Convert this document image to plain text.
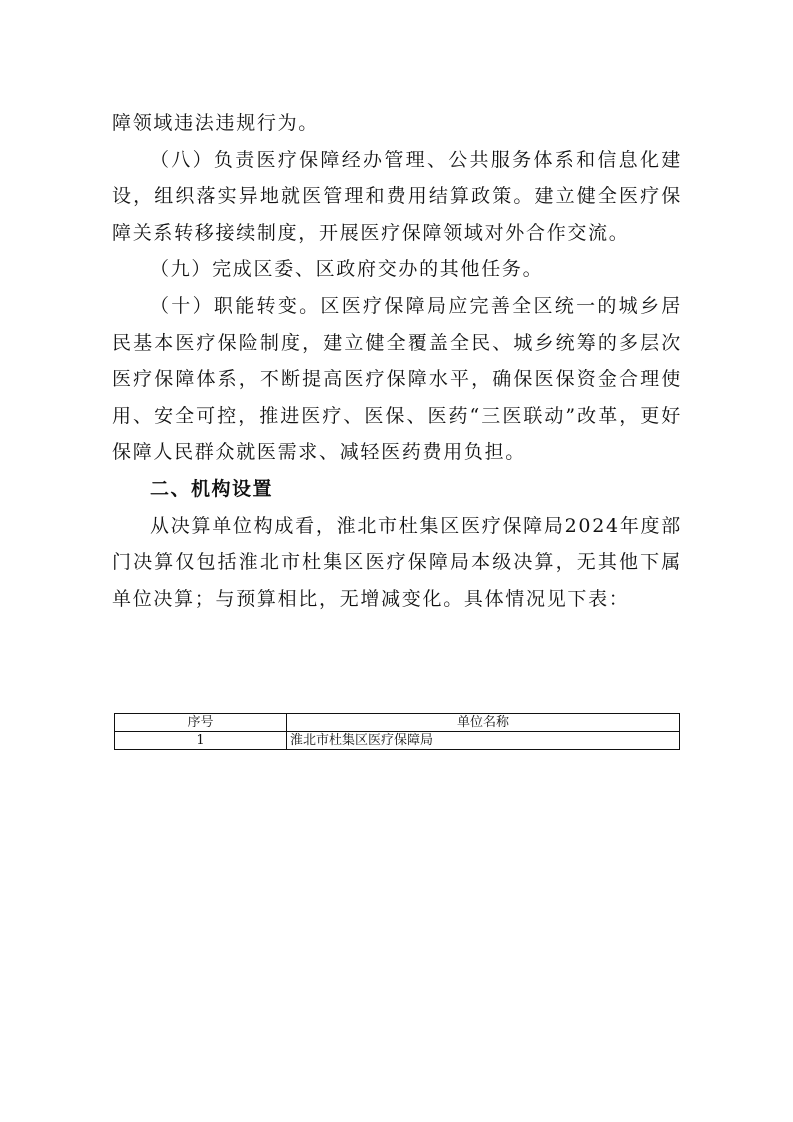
障领域违法违规行为。

（八）负责医疗保障经办管理、公共服务体系和信息化建设，组织落实异地就医管理和费用结算政策。建立健全医疗保障关系转移接续制度，开展医疗保障领域对外合作交流。

（九）完成区委、区政府交办的其他任务。

（十）职能转变。区医疗保障局应完善全区统一的城乡居民基本医疗保险制度，建立健全覆盖全民、城乡统筹的多层次医疗保障体系，不断提高医疗保障水平，确保医保资金合理使用、安全可控，推进医疗、医保、医药“三医联动”改革，更好保障人民群众就医需求、减轻医药费用负担。

二、机构设置

从决算单位构成看，淮北市杜集区医疗保障局2024年度部门决算仅包括淮北市杜集区医疗保障局本级决算，无其他下属单位决算；与预算相比，无增减变化。具体情况见下表：

序号	单位名称
1	淮北市杜集区医疗保障局
